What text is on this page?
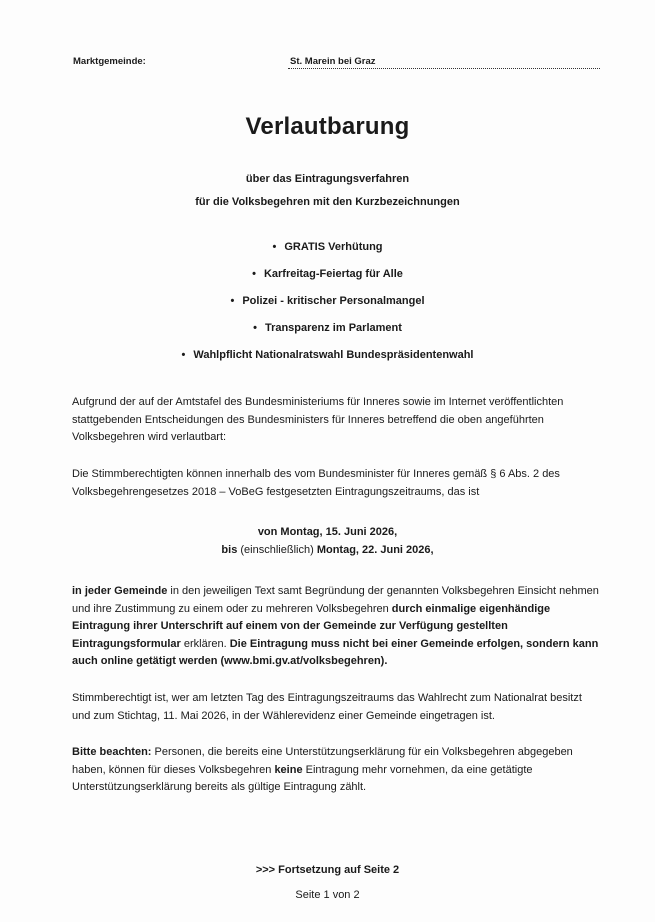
Marktgemeinde:	St. Marein bei Graz
Verlautbarung
über das Eintragungsverfahren
für die Volksbegehren mit den Kurzbezeichnungen
• GRATIS Verhütung
• Karfreitag-Feiertag für Alle
• Polizei - kritischer Personalmangel
• Transparenz im Parlament
• Wahlpflicht Nationalratswahl Bundespräsidentenwahl

Aufgrund der auf der Amtstafel des Bundesministeriums für Inneres sowie im Internet veröffentlichten stattgebenden Entscheidungen des Bundesministers für Inneres betreffend die oben angeführten Volksbegehren wird verlautbart:

Die Stimmberechtigten können innerhalb des vom Bundesminister für Inneres gemäß § 6 Abs. 2 des Volksbegehrengesetzes 2018 – VoBeG festgesetzten Eintragungszeitraums, das ist

von Montag, 15. Juni 2026,
bis (einschließlich) Montag, 22. Juni 2026,

in jeder Gemeinde in den jeweiligen Text samt Begründung der genannten Volksbegehren Einsicht nehmen und ihre Zustimmung zu einem oder zu mehreren Volksbegehren durch einmalige eigenhändige Eintragung ihrer Unterschrift auf einem von der Gemeinde zur Verfügung gestellten Eintragungsformular erklären. Die Eintragung muss nicht bei einer Gemeinde erfolgen, sondern kann auch online getätigt werden (www.bmi.gv.at/volksbegehren).

Stimmberechtigt ist, wer am letzten Tag des Eintragungszeitraums das Wahlrecht zum Nationalrat besitzt und zum Stichtag, 11. Mai 2026, in der Wählerevidenz einer Gemeinde eingetragen ist.

Bitte beachten: Personen, die bereits eine Unterstützungserklärung für ein Volksbegehren abgegeben haben, können für dieses Volksbegehren keine Eintragung mehr vornehmen, da eine getätigte Unterstützungserklärung bereits als gültige Eintragung zählt.

>>> Fortsetzung auf Seite 2
Seite 1 von 2
